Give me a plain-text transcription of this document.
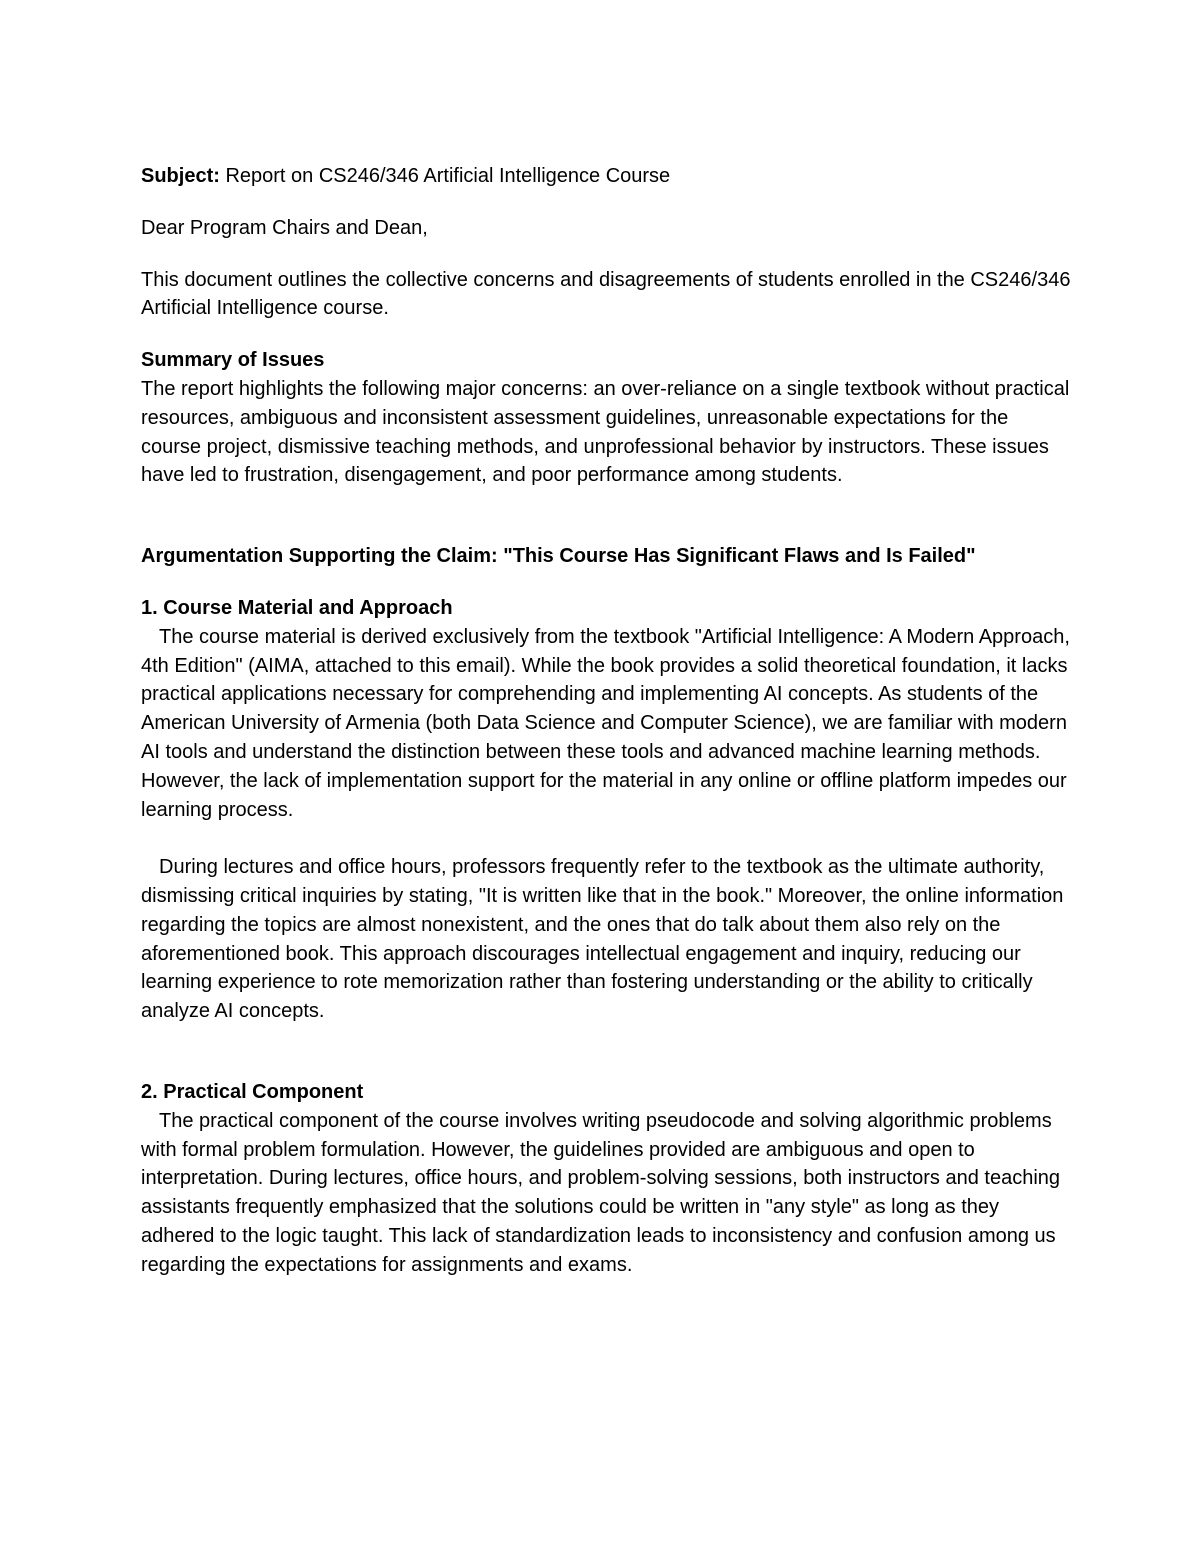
Subject: Report on CS246/346 Artificial Intelligence Course

Dear Program Chairs and Dean,

This document outlines the collective concerns and disagreements of students enrolled in the CS246/346 Artificial Intelligence course.

Summary of Issues

The report highlights the following major concerns: an over-reliance on a single textbook without practical resources, ambiguous and inconsistent assessment guidelines, unreasonable expectations for the course project, dismissive teaching methods, and unprofessional behavior by instructors. These issues have led to frustration, disengagement, and poor performance among students.

Argumentation Supporting the Claim: "This Course Has Significant Flaws and Is Failed"

1. Course Material and Approach

The course material is derived exclusively from the textbook "Artificial Intelligence: A Modern Approach, 4th Edition" (AIMA, attached to this email). While the book provides a solid theoretical foundation, it lacks practical applications necessary for comprehending and implementing AI concepts. As students of the American University of Armenia (both Data Science and Computer Science), we are familiar with modern AI tools and understand the distinction between these tools and advanced machine learning methods. However, the lack of implementation support for the material in any online or offline platform impedes our learning process.

During lectures and office hours, professors frequently refer to the textbook as the ultimate authority, dismissing critical inquiries by stating, "It is written like that in the book." Moreover, the online information regarding the topics are almost nonexistent, and the ones that do talk about them also rely on the aforementioned book. This approach discourages intellectual engagement and inquiry, reducing our learning experience to rote memorization rather than fostering understanding or the ability to critically analyze AI concepts.

2. Practical Component

The practical component of the course involves writing pseudocode and solving algorithmic problems with formal problem formulation. However, the guidelines provided are ambiguous and open to interpretation. During lectures, office hours, and problem-solving sessions, both instructors and teaching assistants frequently emphasized that the solutions could be written in "any style" as long as they adhered to the logic taught. This lack of standardization leads to inconsistency and confusion among us regarding the expectations for assignments and exams.
